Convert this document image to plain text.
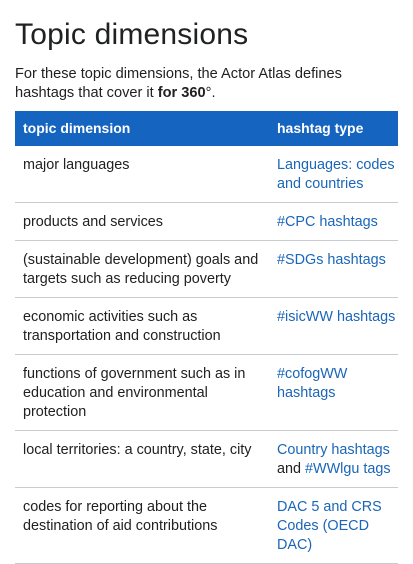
Topic dimensions

For these topic dimensions, the Actor Atlas defines hashtags that cover it for 360°.

topic dimension	hashtag type
major languages	Languages: codes and countries
products and services	#CPC hashtags
(sustainable development) goals and targets such as reducing poverty	#SDGs hashtags
economic activities such as transportation and construction	#isicWW hashtags
functions of government such as in education and environmental protection	#cofogWW hashtags
local territories: a country, state, city	Country hashtags and #WWlgu tags
codes for reporting about the destination of aid contributions	DAC 5 and CRS Codes (OECD DAC)
